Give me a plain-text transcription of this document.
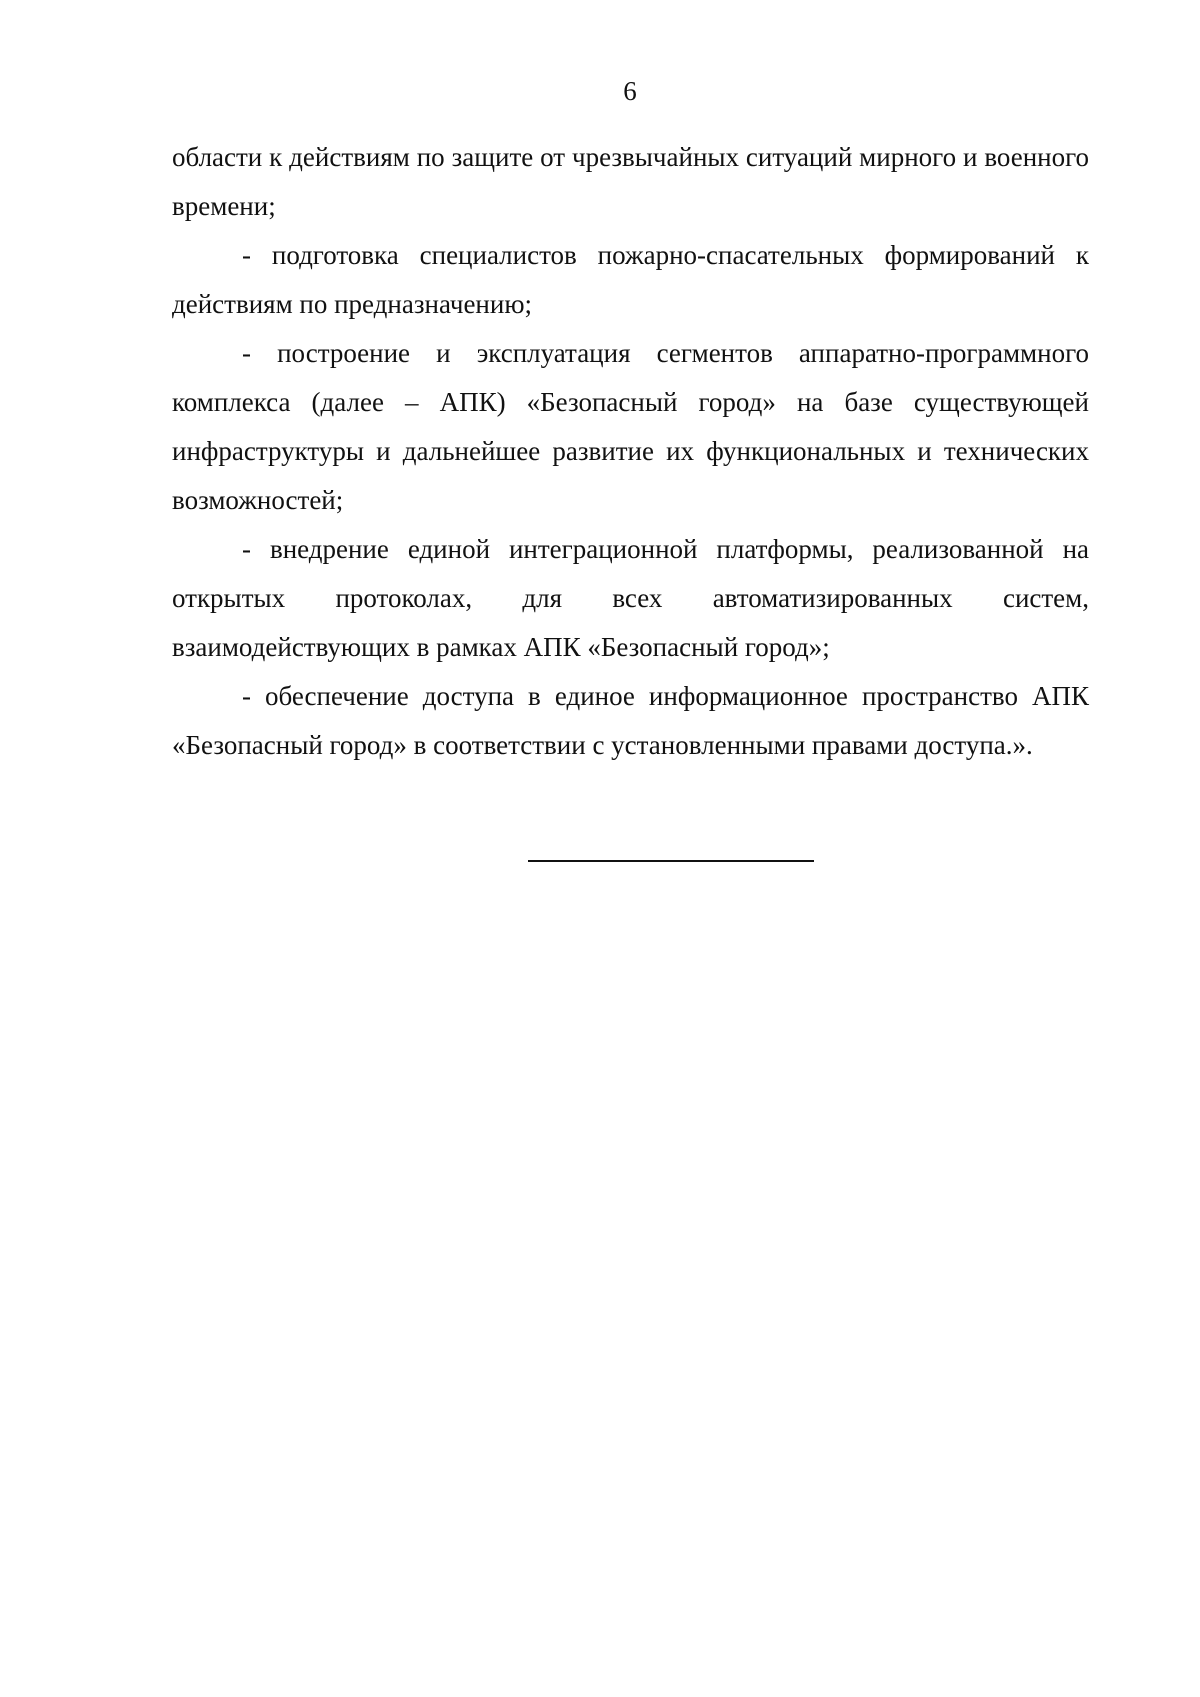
6

области к действиям по защите от чрезвычайных ситуаций мирного и военного времени;

- подготовка специалистов пожарно-спасательных формирований к действиям по предназначению;

- построение и эксплуатация сегментов аппаратно-программного комплекса (далее – АПК) «Безопасный город» на базе существующей инфраструктуры и дальнейшее развитие их функциональных и технических возможностей;

- внедрение единой интеграционной платформы, реализованной на открытых протоколах, для всех автоматизированных систем, взаимодействующих в рамках АПК «Безопасный город»;

- обеспечение доступа в единое информационное пространство АПК «Безопасный город» в соответствии с установленными правами доступа.».
